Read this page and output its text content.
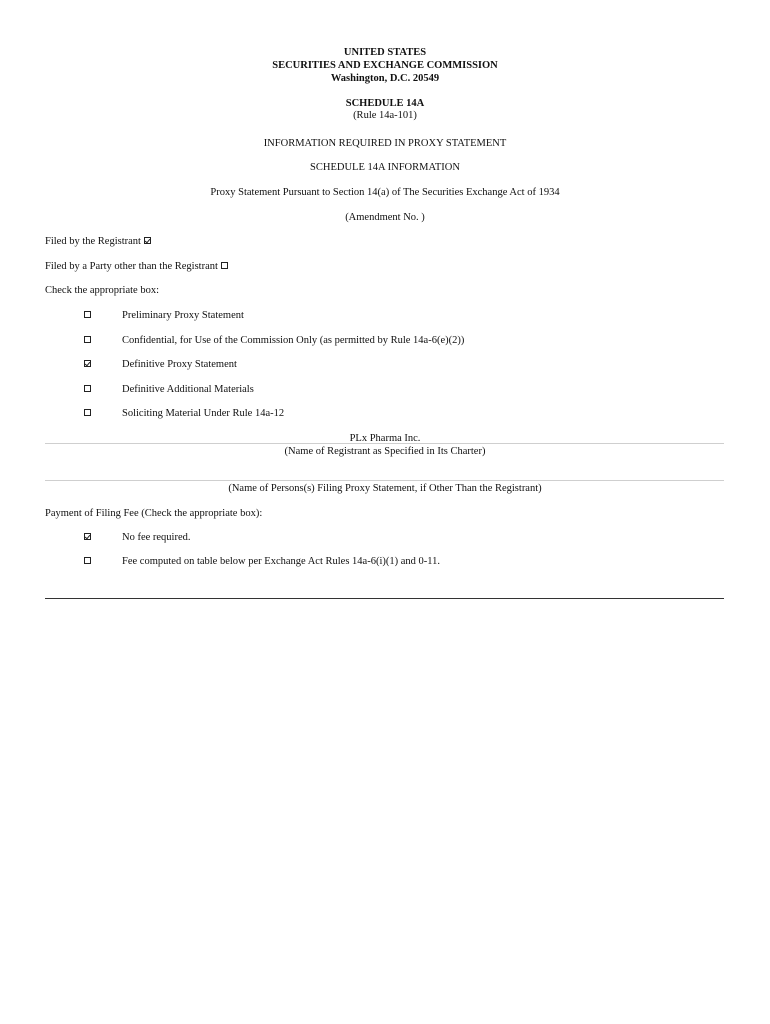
UNITED STATES
SECURITIES AND EXCHANGE COMMISSION
Washington, D.C. 20549
SCHEDULE 14A
(Rule 14a-101)
INFORMATION REQUIRED IN PROXY STATEMENT
SCHEDULE 14A INFORMATION
Proxy Statement Pursuant to Section 14(a) of The Securities Exchange Act of 1934
(Amendment No. )
Filed by the Registrant
Filed by a Party other than the Registrant
Check the appropriate box:
Preliminary Proxy Statement
Confidential, for Use of the Commission Only (as permitted by Rule 14a-6(e)(2))
Definitive Proxy Statement
Definitive Additional Materials
Soliciting Material Under Rule 14a-12
PLx Pharma Inc.
(Name of Registrant as Specified in Its Charter)
(Name of Persons(s) Filing Proxy Statement, if Other Than the Registrant)
Payment of Filing Fee (Check the appropriate box):
No fee required.
Fee computed on table below per Exchange Act Rules 14a-6(i)(1) and 0-11.
